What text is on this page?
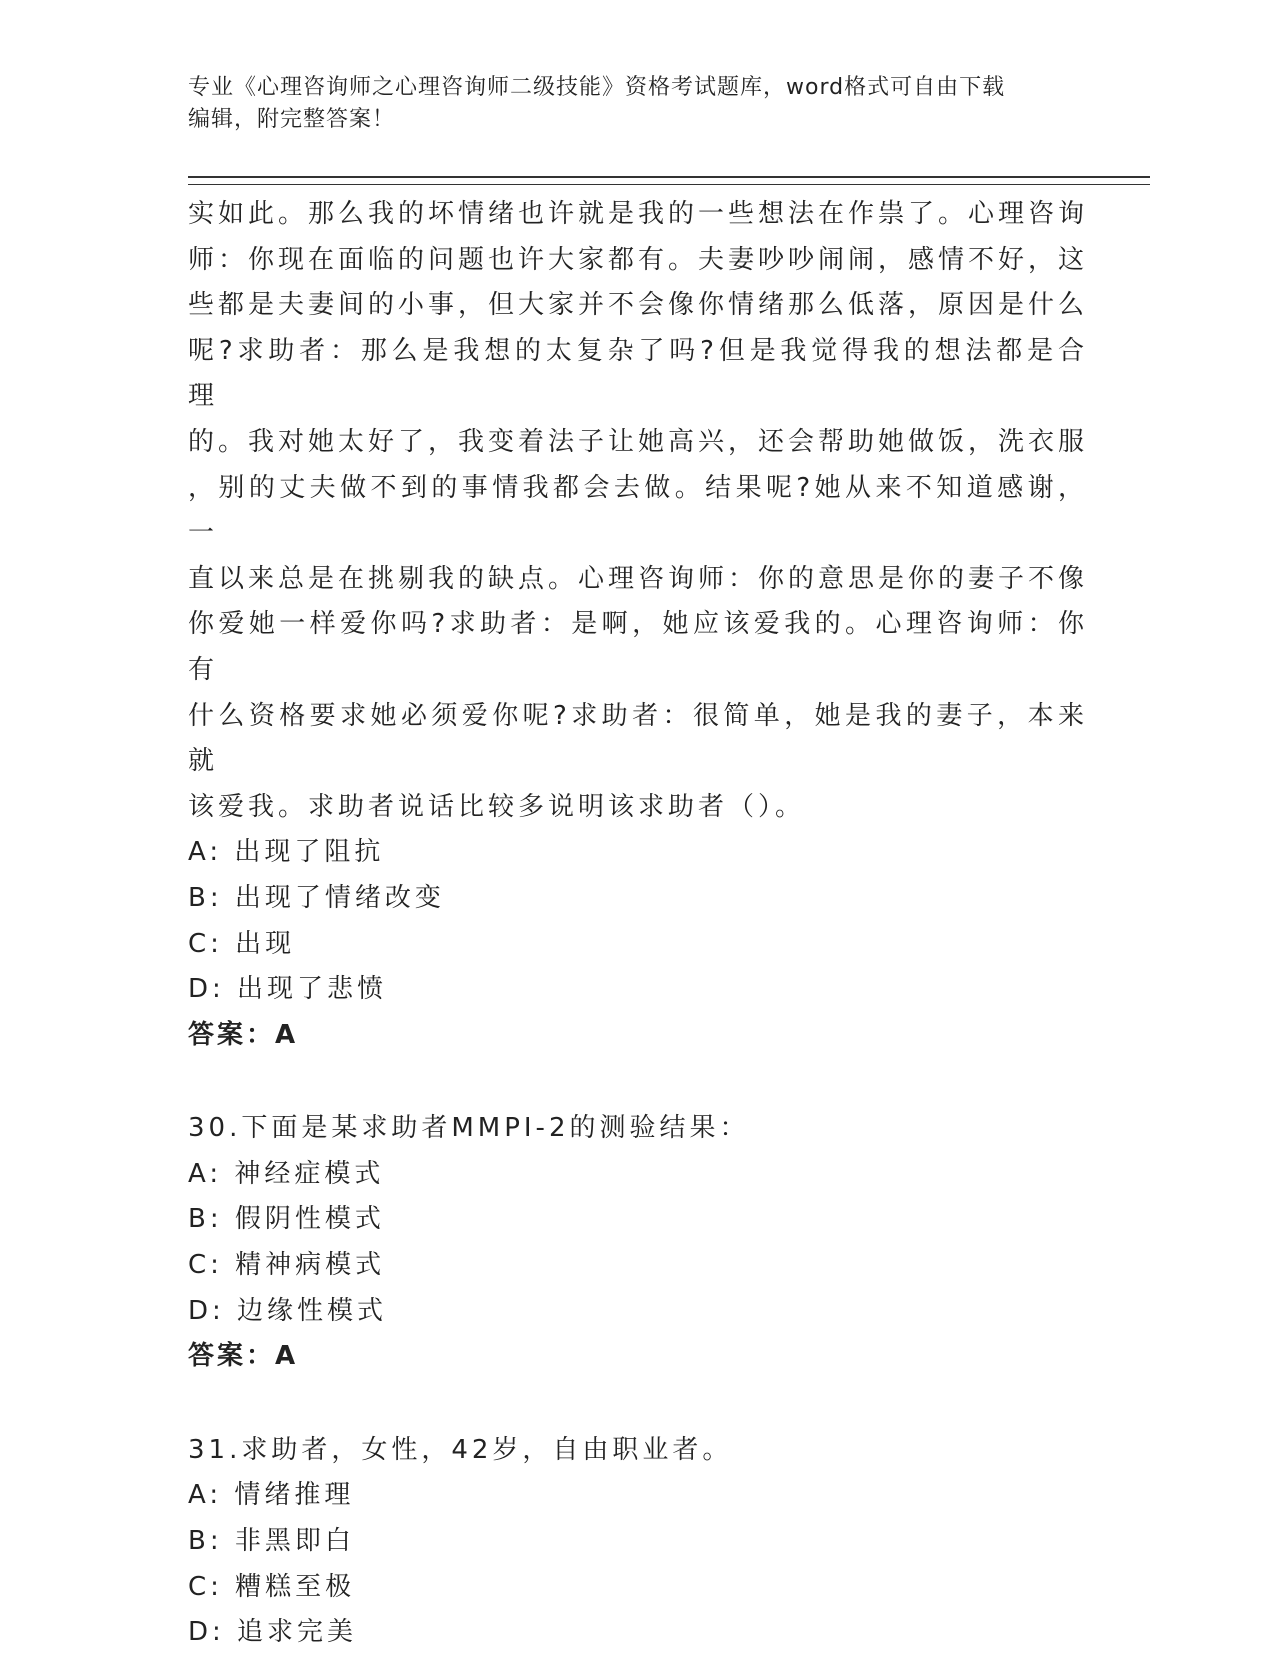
专业《心理咨询师之心理咨询师二级技能》资格考试题库，word格式可自由下载
编辑，附完整答案！

实如此。那么我的坏情绪也许就是我的一些想法在作祟了。心理咨询

师：你现在面临的问题也许大家都有。夫妻吵吵闹闹，感情不好，这

些都是夫妻间的小事，但大家并不会像你情绪那么低落，原因是什么

呢?求助者：那么是我想的太复杂了吗?但是我觉得我的想法都是合理

的。我对她太好了，我变着法子让她高兴，还会帮助她做饭，洗衣服

，别的丈夫做不到的事情我都会去做。结果呢?她从来不知道感谢，一

直以来总是在挑剔我的缺点。心理咨询师：你的意思是你的妻子不像

你爱她一样爱你吗?求助者：是啊，她应该爱我的。心理咨询师：你有

什么资格要求她必须爱你呢?求助者：很简单，她是我的妻子，本来就

该爱我。求助者说话比较多说明该求助者（）。

A: 出现了阻抗

B: 出现了情绪改变

C: 出现

D: 出现了悲愤

答案：A

30.下面是某求助者MMPI-2的测验结果：

A: 神经症模式

B: 假阴性模式

C: 精神病模式

D: 边缘性模式

答案：A

31.求助者，女性，42岁，自由职业者。

A: 情绪推理

B: 非黑即白

C: 糟糕至极

D: 追求完美
